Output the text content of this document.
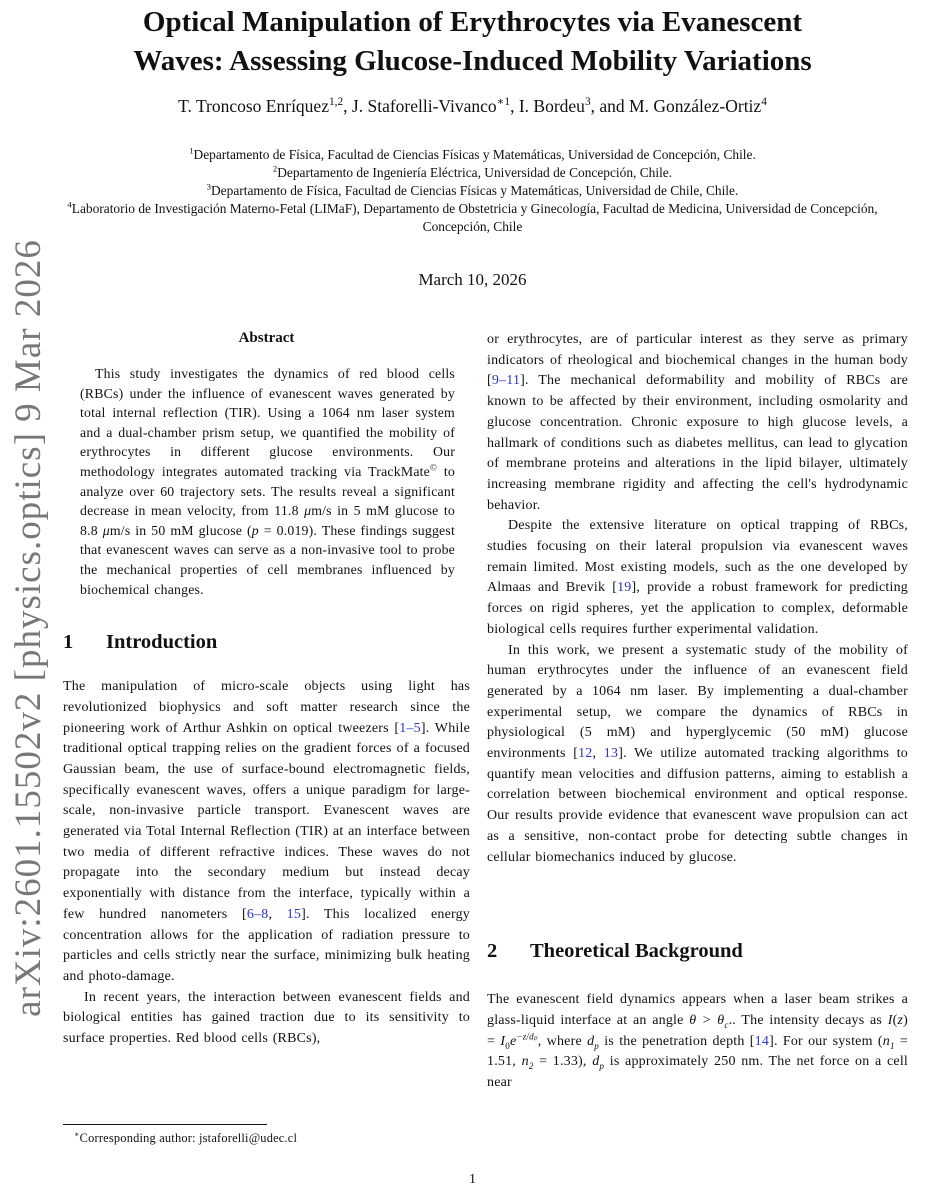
arXiv:2601.15502v2 [physics.optics] 9 Mar 2026
Optical Manipulation of Erythrocytes via Evanescent
Waves: Assessing Glucose-Induced Mobility Variations
T. Troncoso Enríquez$^{1,2}$, J. Staforelli-Vivanco$^{∗1}$, I. Bordeu$^3$, and M. González-Ortiz$^4$
$^1$Departamento de Física, Facultad de Ciencias Físicas y Matemáticas, Universidad de Concepción, Chile.
$^2$Departamento de Ingeniería Eléctrica, Universidad de Concepción, Chile.
$^3$Departamento de Física, Facultad de Ciencias Físicas y Matemáticas, Universidad de Chile, Chile.
$^4$Laboratorio de Investigación Materno-Fetal (LIMaF), Departamento de Obstetricia y Ginecología, Facultad de Medicina, Universidad de Concepción, Concepción, Chile
March 10, 2026
Abstract
This study investigates the dynamics of red blood cells (RBCs) under the influence of evanescent waves generated by total internal reflection (TIR). Using a 1064 nm laser system and a dual-chamber prism setup, we quantified the mobility of erythrocytes in different glucose environments. Our methodology integrates automated tracking via TrackMate© to analyze over 60 trajectory sets. The results reveal a significant decrease in mean velocity, from 11.8 μm/s in 5 mM glucose to 8.8 μm/s in 50 mM glucose (p = 0.019). These findings suggest that evanescent waves can serve as a non-invasive tool to probe the mechanical properties of cell membranes influenced by biochemical changes.
1 Introduction
The manipulation of micro-scale objects using light has revolutionized biophysics and soft matter research since the pioneering work of Arthur Ashkin on optical tweezers [1–5]. While traditional optical trapping relies on the gradient forces of a focused Gaussian beam, the use of surface-bound electromagnetic fields, specifically evanescent waves, offers a unique paradigm for large-scale, non-invasive particle transport. Evanescent waves are generated via Total Internal Reflection (TIR) at an interface between two media of different refractive indices. These waves do not propagate into the secondary medium but instead decay exponentially with distance from the interface, typically within a few hundred nanometers [6–8, 15]. This localized energy concentration allows for the application of radiation pressure to particles and cells strictly near the surface, minimizing bulk heating and photo-damage.
In recent years, the interaction between evanescent fields and biological entities has gained traction due to its sensitivity to surface properties. Red blood cells (RBCs),
or erythrocytes, are of particular interest as they serve as primary indicators of rheological and biochemical changes in the human body [9–11]. The mechanical deformability and mobility of RBCs are known to be affected by their environment, including osmolarity and glucose concentration. Chronic exposure to high glucose levels, a hallmark of conditions such as diabetes mellitus, can lead to glycation of membrane proteins and alterations in the lipid bilayer, ultimately increasing membrane rigidity and affecting the cell's hydrodynamic behavior.
Despite the extensive literature on optical trapping of RBCs, studies focusing on their lateral propulsion via evanescent waves remain limited. Most existing models, such as the one developed by Almaas and Brevik [19], provide a robust framework for predicting forces on rigid spheres, yet the application to complex, deformable biological cells requires further experimental validation.
In this work, we present a systematic study of the mobility of human erythrocytes under the influence of an evanescent field generated by a 1064 nm laser. By implementing a dual-chamber experimental setup, we compare the dynamics of RBCs in physiological (5 mM) and hyperglycemic (50 mM) glucose environments [12, 13]. We utilize automated tracking algorithms to quantify mean velocities and diffusion patterns, aiming to establish a correlation between biochemical environment and optical response. Our results provide evidence that evanescent wave propulsion can act as a sensitive, non-contact probe for detecting subtle changes in cellular biomechanics induced by glucose.
2 Theoretical Background
The evanescent field dynamics appears when a laser beam strikes a glass-liquid interface at an angle $\theta > \theta_c$.. The intensity decays as $I(z) = I_0e^{-z/d_p}$, where $d_p$ is the penetration depth [14]. For our system ($n_1 = 1.51$, $n_2 = 1.33$), $d_p$ is approximately 250 nm. The net force on a cell near
∗Corresponding author: jstaforelli@udec.cl
1
